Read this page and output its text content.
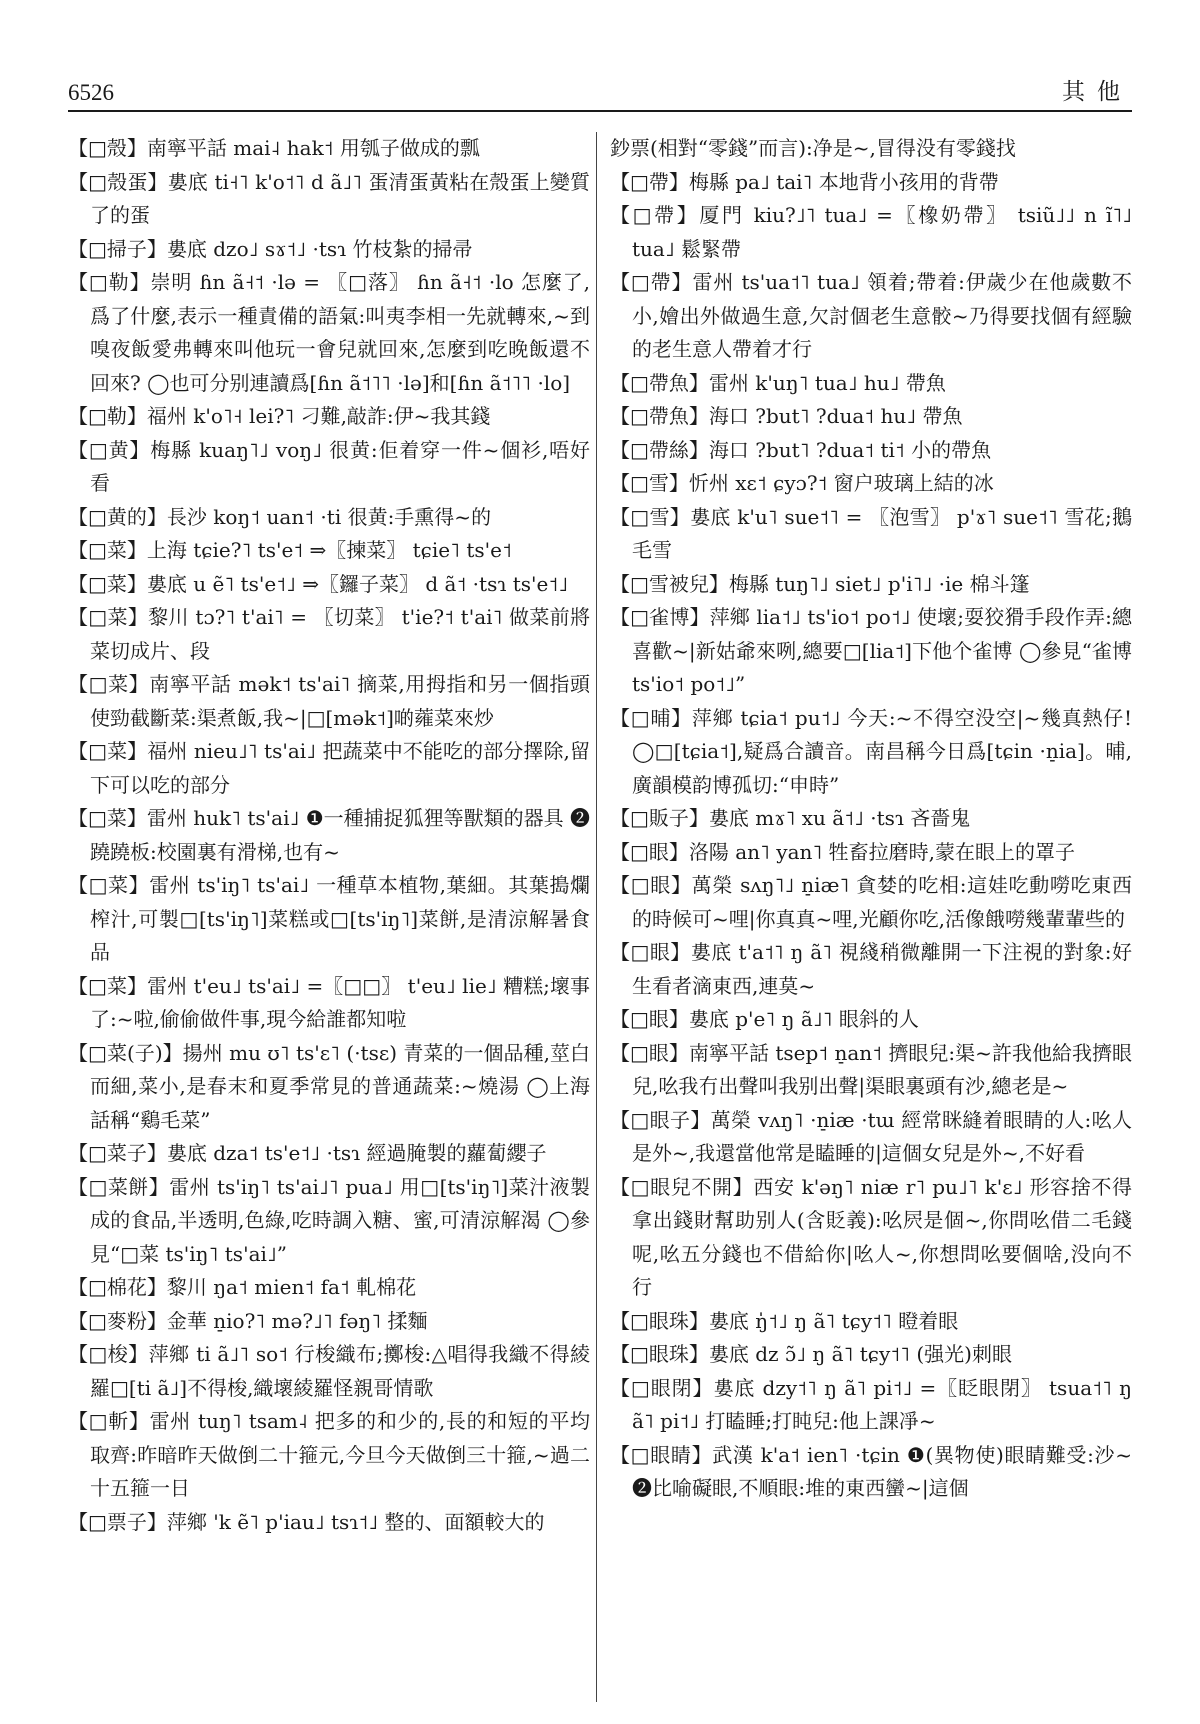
6526	其他

【□殼】南寧平話 mai˨ hak˦ 用瓠子做成的瓢

【□殼蛋】婁底 ti˧˥ k'o˦˥ d ã˩˥ 蛋清蛋黃粘在殼蛋上變質了的蛋

【□掃子】婁底 dzo˩ sɤ˦˩ ·tsɿ 竹枝紮的掃帚

【□勒】崇明 ɦn ã˧˦ ·lə = 〖□落〗 ɦn ã˧˦ ·lo 怎麼了,爲了什麼,表示一種責備的語氣:叫夷李相一先就轉來,~到嗅夜飯愛弗轉來叫他玩一會兒就回來,怎麼到吃晚飯還不回來? ◯也可分别連讀爲[ɦn ã˦˥˥ ·lə]和[ɦn ã˦˥˥ ·lo]

【□勒】福州 k'o˥˧ lei?˥ 刁難,敲詐:伊~我其錢

【□黄】梅縣 kuaŋ˥˩ voŋ˩ 很黄:佢着穿一件~個衫,唔好看

【□黄的】長沙 koŋ˦ uan˦ ·ti 很黄:手熏得~的

【□菜】上海 tɕie?˥ ts'e˦ ⇒〖揀菜〗 tɕie˥ ts'e˦

【□菜】婁底 u ẽ˥ ts'e˦˩ ⇒〖鑼子菜〗 d ã˦ ·tsɿ ts'e˦˩

【□菜】黎川 tɔ?˥ t'ai˥ = 〖切菜〗 t'ie?˦ t'ai˥ 做菜前將菜切成片、段

【□菜】南寧平話 mək˦ ts'ai˥ 摘菜,用拇指和另一個指頭使勁截斷菜:渠煮飯,我~|□[mək˦]啲蕹菜來炒

【□菜】福州 nieu˩˥ ts'ai˩ 把蔬菜中不能吃的部分擇除,留下可以吃的部分

【□菜】雷州 huk˥ ts'ai˩ ❶一種捕捉狐狸等獸類的器具 ❷蹺蹺板:校園裏有滑梯,也有~

【□菜】雷州 ts'iŋ˥ ts'ai˩ 一種草本植物,葉細。其葉搗爛榨汁,可製□[ts'iŋ˥]菜糕或□[ts'iŋ˥]菜餅,是清涼解暑食品

【□菜】雷州 t'eu˩ ts'ai˩ =〖□□〗 t'eu˩ lie˩ 糟糕;壞事了:~啦,偷偷做件事,現今給誰都知啦

【□菜(子)】揚州 mu ʊ˥ ts'ɛ˥ (·tsɛ) 青菜的一個品種,莖白而細,菜小,是春末和夏季常見的普通蔬菜:~燒湯 ◯上海話稱“鷄毛菜”

【□菜子】婁底 dza˦ ts'e˦˩ ·tsɿ 經過腌製的蘿蔔纓子

【□菜餅】雷州 ts'iŋ˥ ts'ai˩˥ pua˩ 用□[ts'iŋ˥]菜汁液製成的食品,半透明,色綠,吃時調入糖、蜜,可清涼解渴 ◯參見“□菜 ts'iŋ˥ ts'ai˩”

【□棉花】黎川 ŋa˦ mien˦ fa˦ 軋棉花

【□麥粉】金華 n̠io?˥ mə?˩˥ fəŋ˥ 揉麵

【□梭】萍鄉 ti ã˩˥ so˦ 行梭織布;擲梭:△唱得我織不得綾羅□[ti ã˩]不得梭,織壞綾羅怪親哥情歌

【□斬】雷州 tuŋ˥ tsam˨ 把多的和少的,長的和短的平均取齊:昨暗昨天做倒二十箍元,今旦今天做倒三十箍,~過二十五箍一日

【□票子】萍鄉 'k ẽ˥ p'iau˩ tsɿ˦˩ 整的、面額較大的

鈔票(相對“零錢”而言):净是~,冒得没有零錢找

【□帶】梅縣 pa˩ tai˥ 本地背小孩用的背帶

【□帶】厦門 kiu?˩˥ tua˩ =〖橡奶帶〗 tsiũ˩˩ n ĩ˥˩ tua˩ 鬆緊帶

【□帶】雷州 ts'ua˦˥ tua˩ 領着;帶着:伊歲少在他歲數不小,嬒出外做過生意,欠討個老生意骹~乃得要找個有經驗的老生意人帶着才行

【□帶魚】雷州 k'uŋ˥ tua˩ hu˩ 帶魚

【□帶魚】海口 ?but˥ ?dua˦ hu˩ 帶魚

【□帶絲】海口 ?but˥ ?dua˦ ti˦ 小的帶魚

【□雪】忻州 xɛ˦ ɕyɔ?˦ 窗户玻璃上結的冰

【□雪】婁底 k'u˥ sue˦˥ = 〖泡雪〗 p'ɤ˥ sue˦˥ 雪花;鵝毛雪

【□雪被兒】梅縣 tuŋ˥˩ siet˩ p'i˥˩ ·ie 棉斗篷

【□雀博】萍鄉 lia˦˩ ts'io˦ po˦˩ 使壞;耍狡猾手段作弄:總喜歡~|新姑爺來咧,總要□[lia˦]下他个雀博 ◯參見“雀博 ts'io˦ po˦˩”

【□晡】萍鄉 tɕia˦ pu˦˩ 今天:~不得空没空|~幾真熱仔! ◯□[tɕia˦],疑爲合讀音。南昌稱今日爲[tɕin ·n̠ia]。晡,廣韻模韵博孤切:“申時”

【□販子】婁底 mɤ˥ xu ã˦˩ ·tsɿ 吝嗇鬼

【□眼】洛陽 an˥ yan˥ 牲畜拉磨時,蒙在眼上的罩子

【□眼】萬榮 sʌŋ˥˩ n̠iæ˥ 貪婪的吃相:這娃吃動嘮吃東西的時候可~哩|你真真~哩,光顧你吃,活像餓嘮幾輩輩些的

【□眼】婁底 t'a˦˥ ŋ ã˥ 視綫稍微離開一下注視的對象:好生看者滴東西,連莫~

【□眼】婁底 p'e˥ ŋ ã˩˥ 眼斜的人

【□眼】南寧平話 tsep˦ n̠an˦ 擠眼兒:渠~許我他給我擠眼兒,吆我冇出聲叫我别出聲|渠眼裏頭有沙,總老是~

【□眼子】萬榮 vʌŋ˥ ·n̠iæ ·tɯ 經常眯縫着眼睛的人:吆人是外~,我還當他常是瞌睡的|這個女兒是外~,不好看

【□眼兒不開】西安 k'əŋ˥ niæ r˥ pu˩˥ k'ɛ˩ 形容捨不得拿出錢財幫助别人(含貶義):吆屄是個~,你問吆借二毛錢呢,吆五分錢也不借給你|吆人~,你想問吆要個啥,没向不行

【□眼珠】婁底 ŋ̍˦˩ ŋ ã˥ tɕy˦˥ 瞪着眼

【□眼珠】婁底 dz ɔ̃˩ ŋ ã˥ tɕy˦˥ (强光)刺眼

【□眼閉】婁底 dzy˦˥ ŋ ã˥ pi˦˩ =〖眨眼閉〗 tsua˦˥ ŋ ã˥ pi˦˩ 打瞌睡;打盹兒:他上課凈~

【□眼睛】武漢 k'a˦ ien˥ ·tɕin ❶(異物使)眼睛難受:沙~ ❷比喻礙眼,不順眼:堆的東西蠻~|這個
